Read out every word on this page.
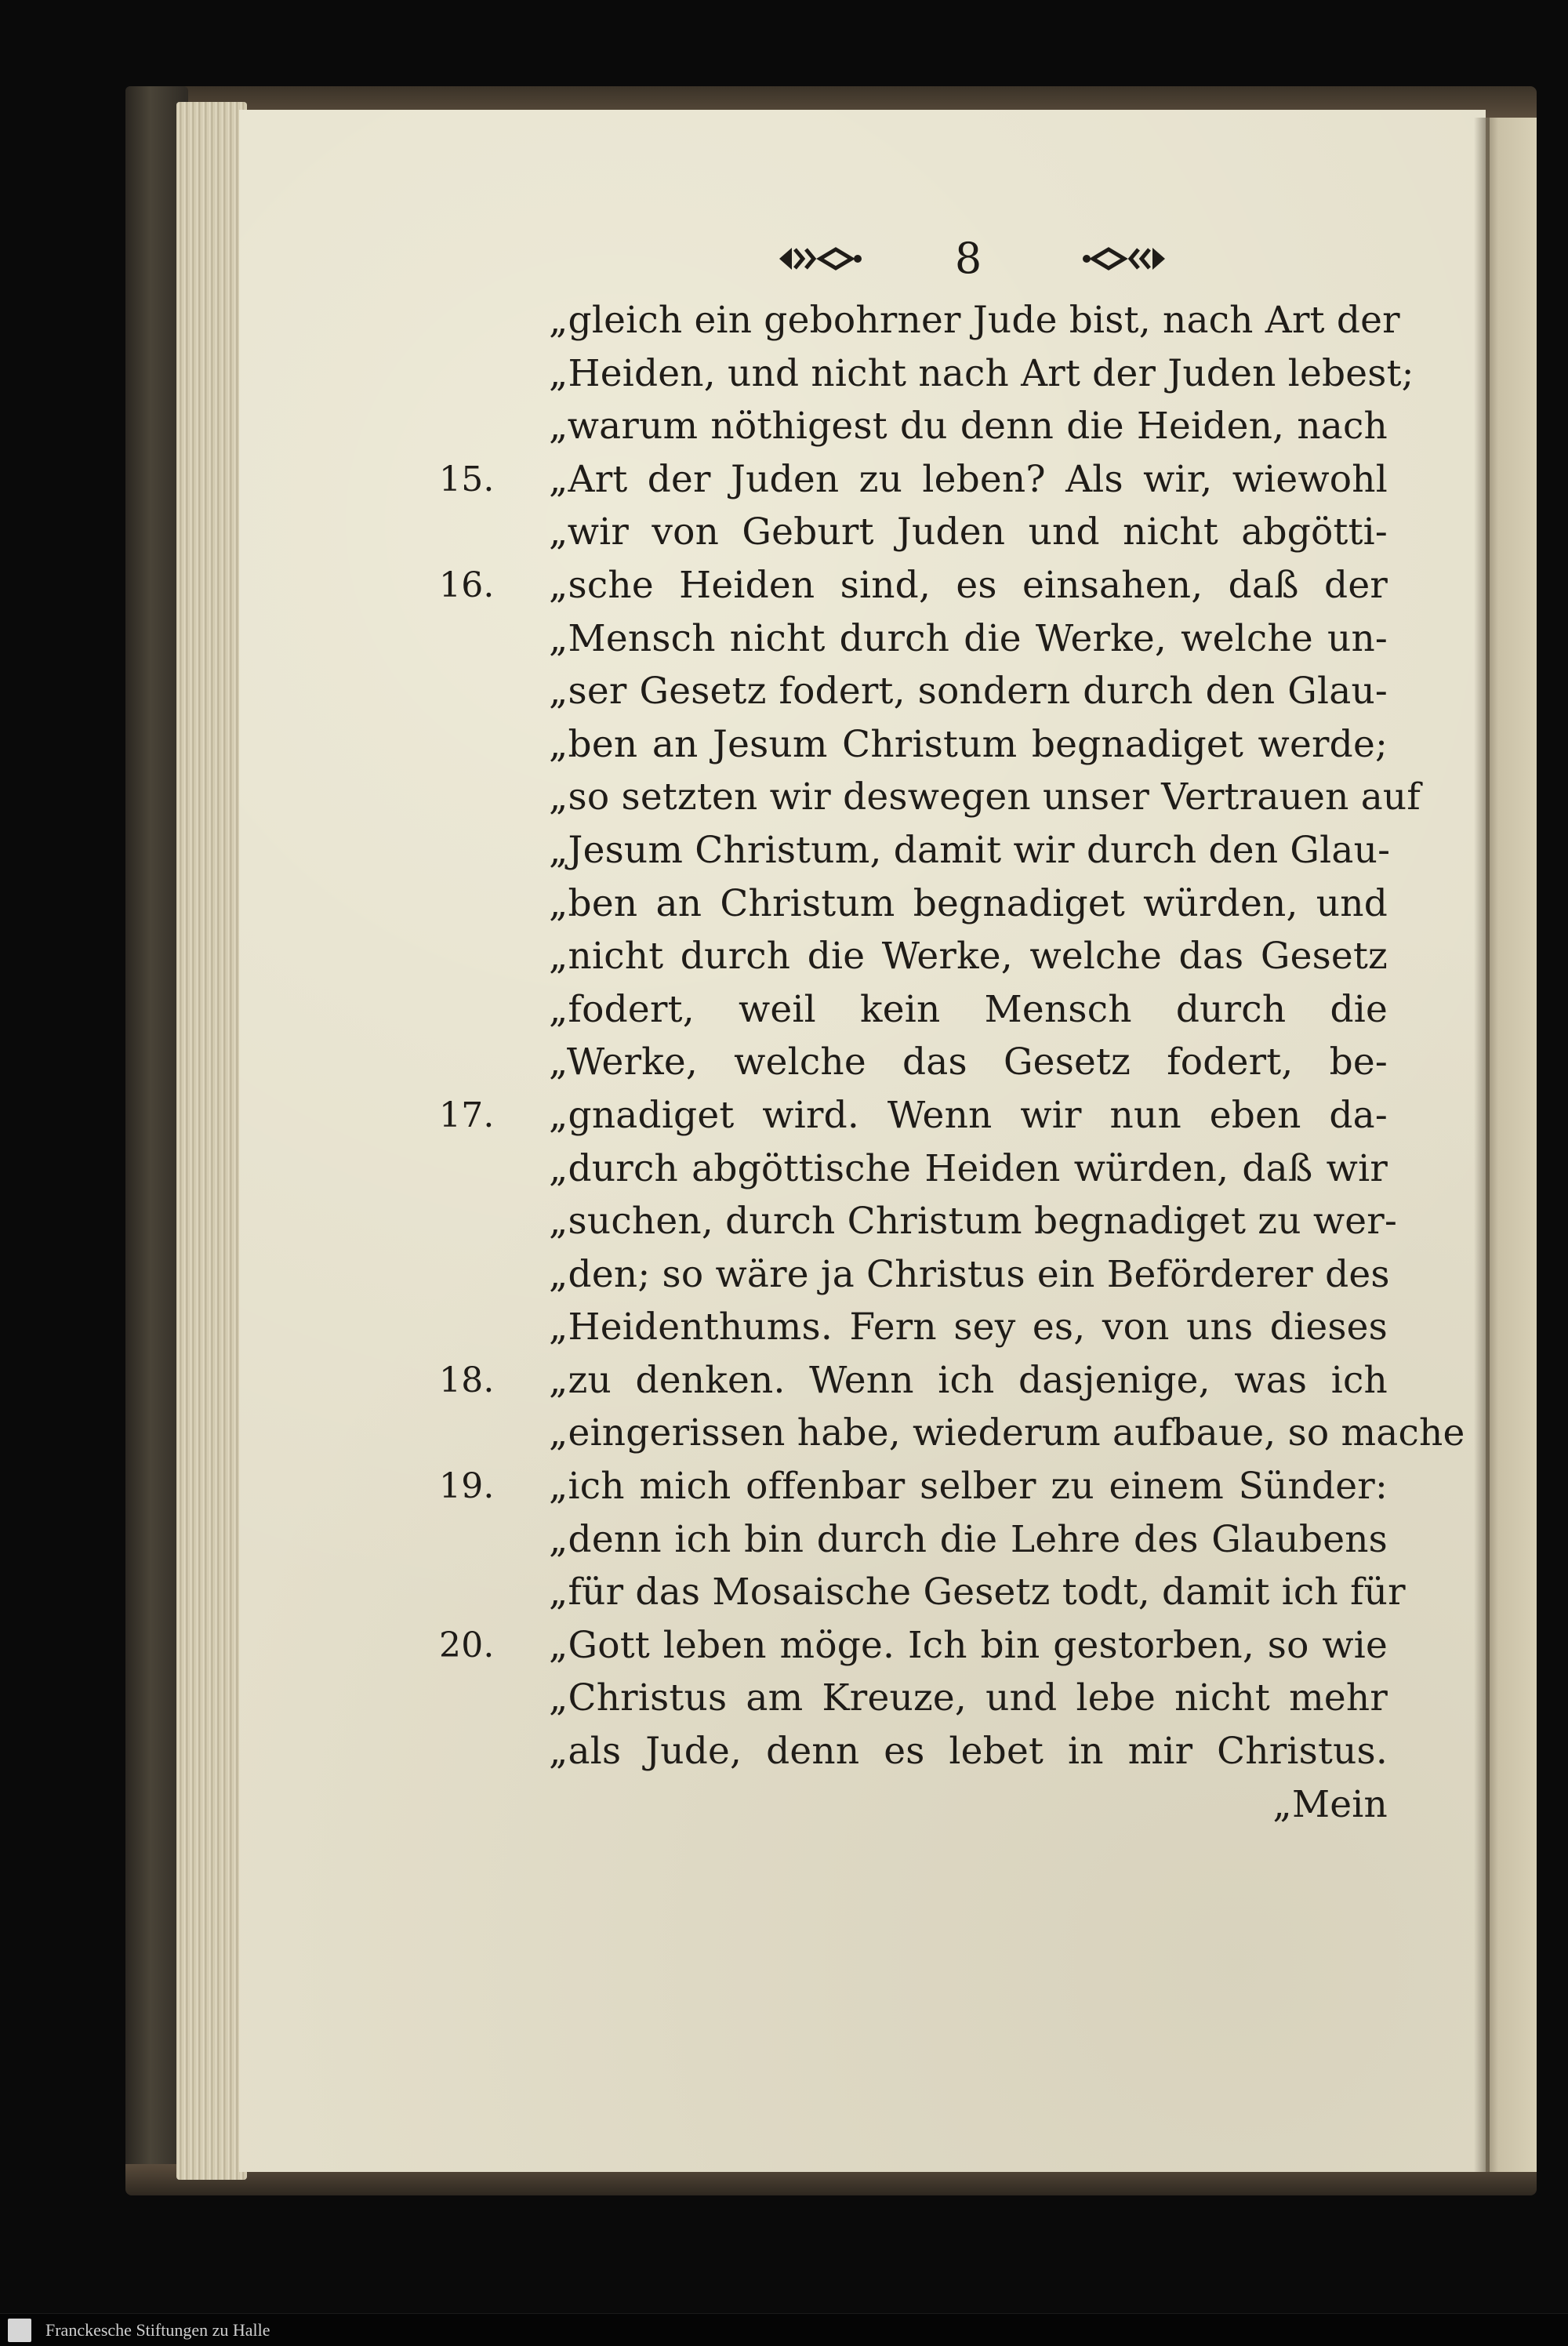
8
„gleich ein gebohrner Jude bist, nach Art der
„Heiden, und nicht nach Art der Juden lebest;
„warum nöthigest du denn die Heiden, nach
15.	„Art der Juden zu leben? Als wir, wiewohl
„wir von Geburt Juden und nicht abgötti-
16.	„sche Heiden sind, es einsahen, daß der
„Mensch nicht durch die Werke, welche un-
„ser Gesetz fodert, sondern durch den Glau-
„ben an Jesum Christum begnadiget werde;
„so setzten wir deswegen unser Vertrauen auf
„Jesum Christum, damit wir durch den Glau-
„ben an Christum begnadiget würden, und
„nicht durch die Werke, welche das Gesetz
„fodert, weil kein Mensch durch die
„Werke, welche das Gesetz fodert, be-
17.	„gnadiget wird. Wenn wir nun eben da-
„durch abgöttische Heiden würden, daß wir
„suchen, durch Christum begnadiget zu wer-
„den; so wäre ja Christus ein Beförderer des
„Heidenthums. Fern sey es, von uns dieses
18.	„zu denken. Wenn ich dasjenige, was ich
„eingerissen habe, wiederum aufbaue, so mache
19.	„ich mich offenbar selber zu einem Sünder:
„denn ich bin durch die Lehre des Glaubens
„für das Mosaische Gesetz todt, damit ich für
20.	„Gott leben möge. Ich bin gestorben, so wie
„Christus am Kreuze, und lebe nicht mehr
„als Jude, denn es lebet in mir Christus.
„Mein
Franckesche Stiftungen zu Halle
